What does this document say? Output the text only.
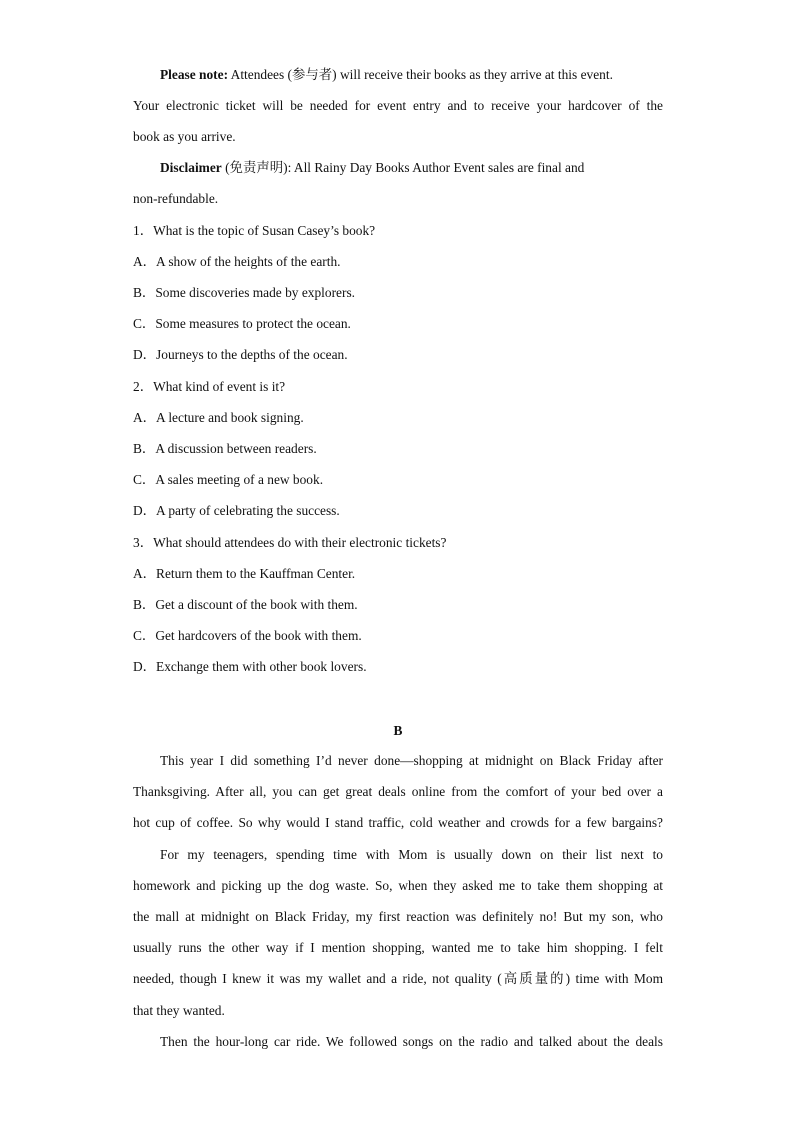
Please note: Attendees (参与者) will receive their books as they arrive at this event.
Your electronic ticket will be needed for event entry and to receive your hardcover of the
book as you arrive.
Disclaimer (免责声明): All Rainy Day Books Author Event sales are final and
non-refundable.
1．What is the topic of Susan Casey’s book?
A．A show of the heights of the earth.
B．Some discoveries made by explorers.
C．Some measures to protect the ocean.
D．Journeys to the depths of the ocean.
2．What kind of event is it?
A．A lecture and book signing.
B．A discussion between readers.
C．A sales meeting of a new book.
D．A party of celebrating the success.
3．What should attendees do with their electronic tickets?
A．Return them to the Kauffman Center.
B．Get a discount of the book with them.
C．Get hardcovers of the book with them.
D．Exchange them with other book lovers.
B
This year I did something I’d never done—shopping at midnight on Black Friday after
Thanksgiving. After all, you can get great deals online from the comfort of your bed over a
hot cup of coffee. So why would I stand traffic, cold weather and crowds for a few bargains?
For my teenagers, spending time with Mom is usually down on their list next to
homework and picking up the dog waste. So, when they asked me to take them shopping at
the mall at midnight on Black Friday, my first reaction was definitely no! But my son, who
usually runs the other way if I mention shopping, wanted me to take him shopping. I felt
needed, though I knew it was my wallet and a ride, not quality (高质量的) time with Mom
that they wanted.
Then the hour-long car ride. We followed songs on the radio and talked about the deals
